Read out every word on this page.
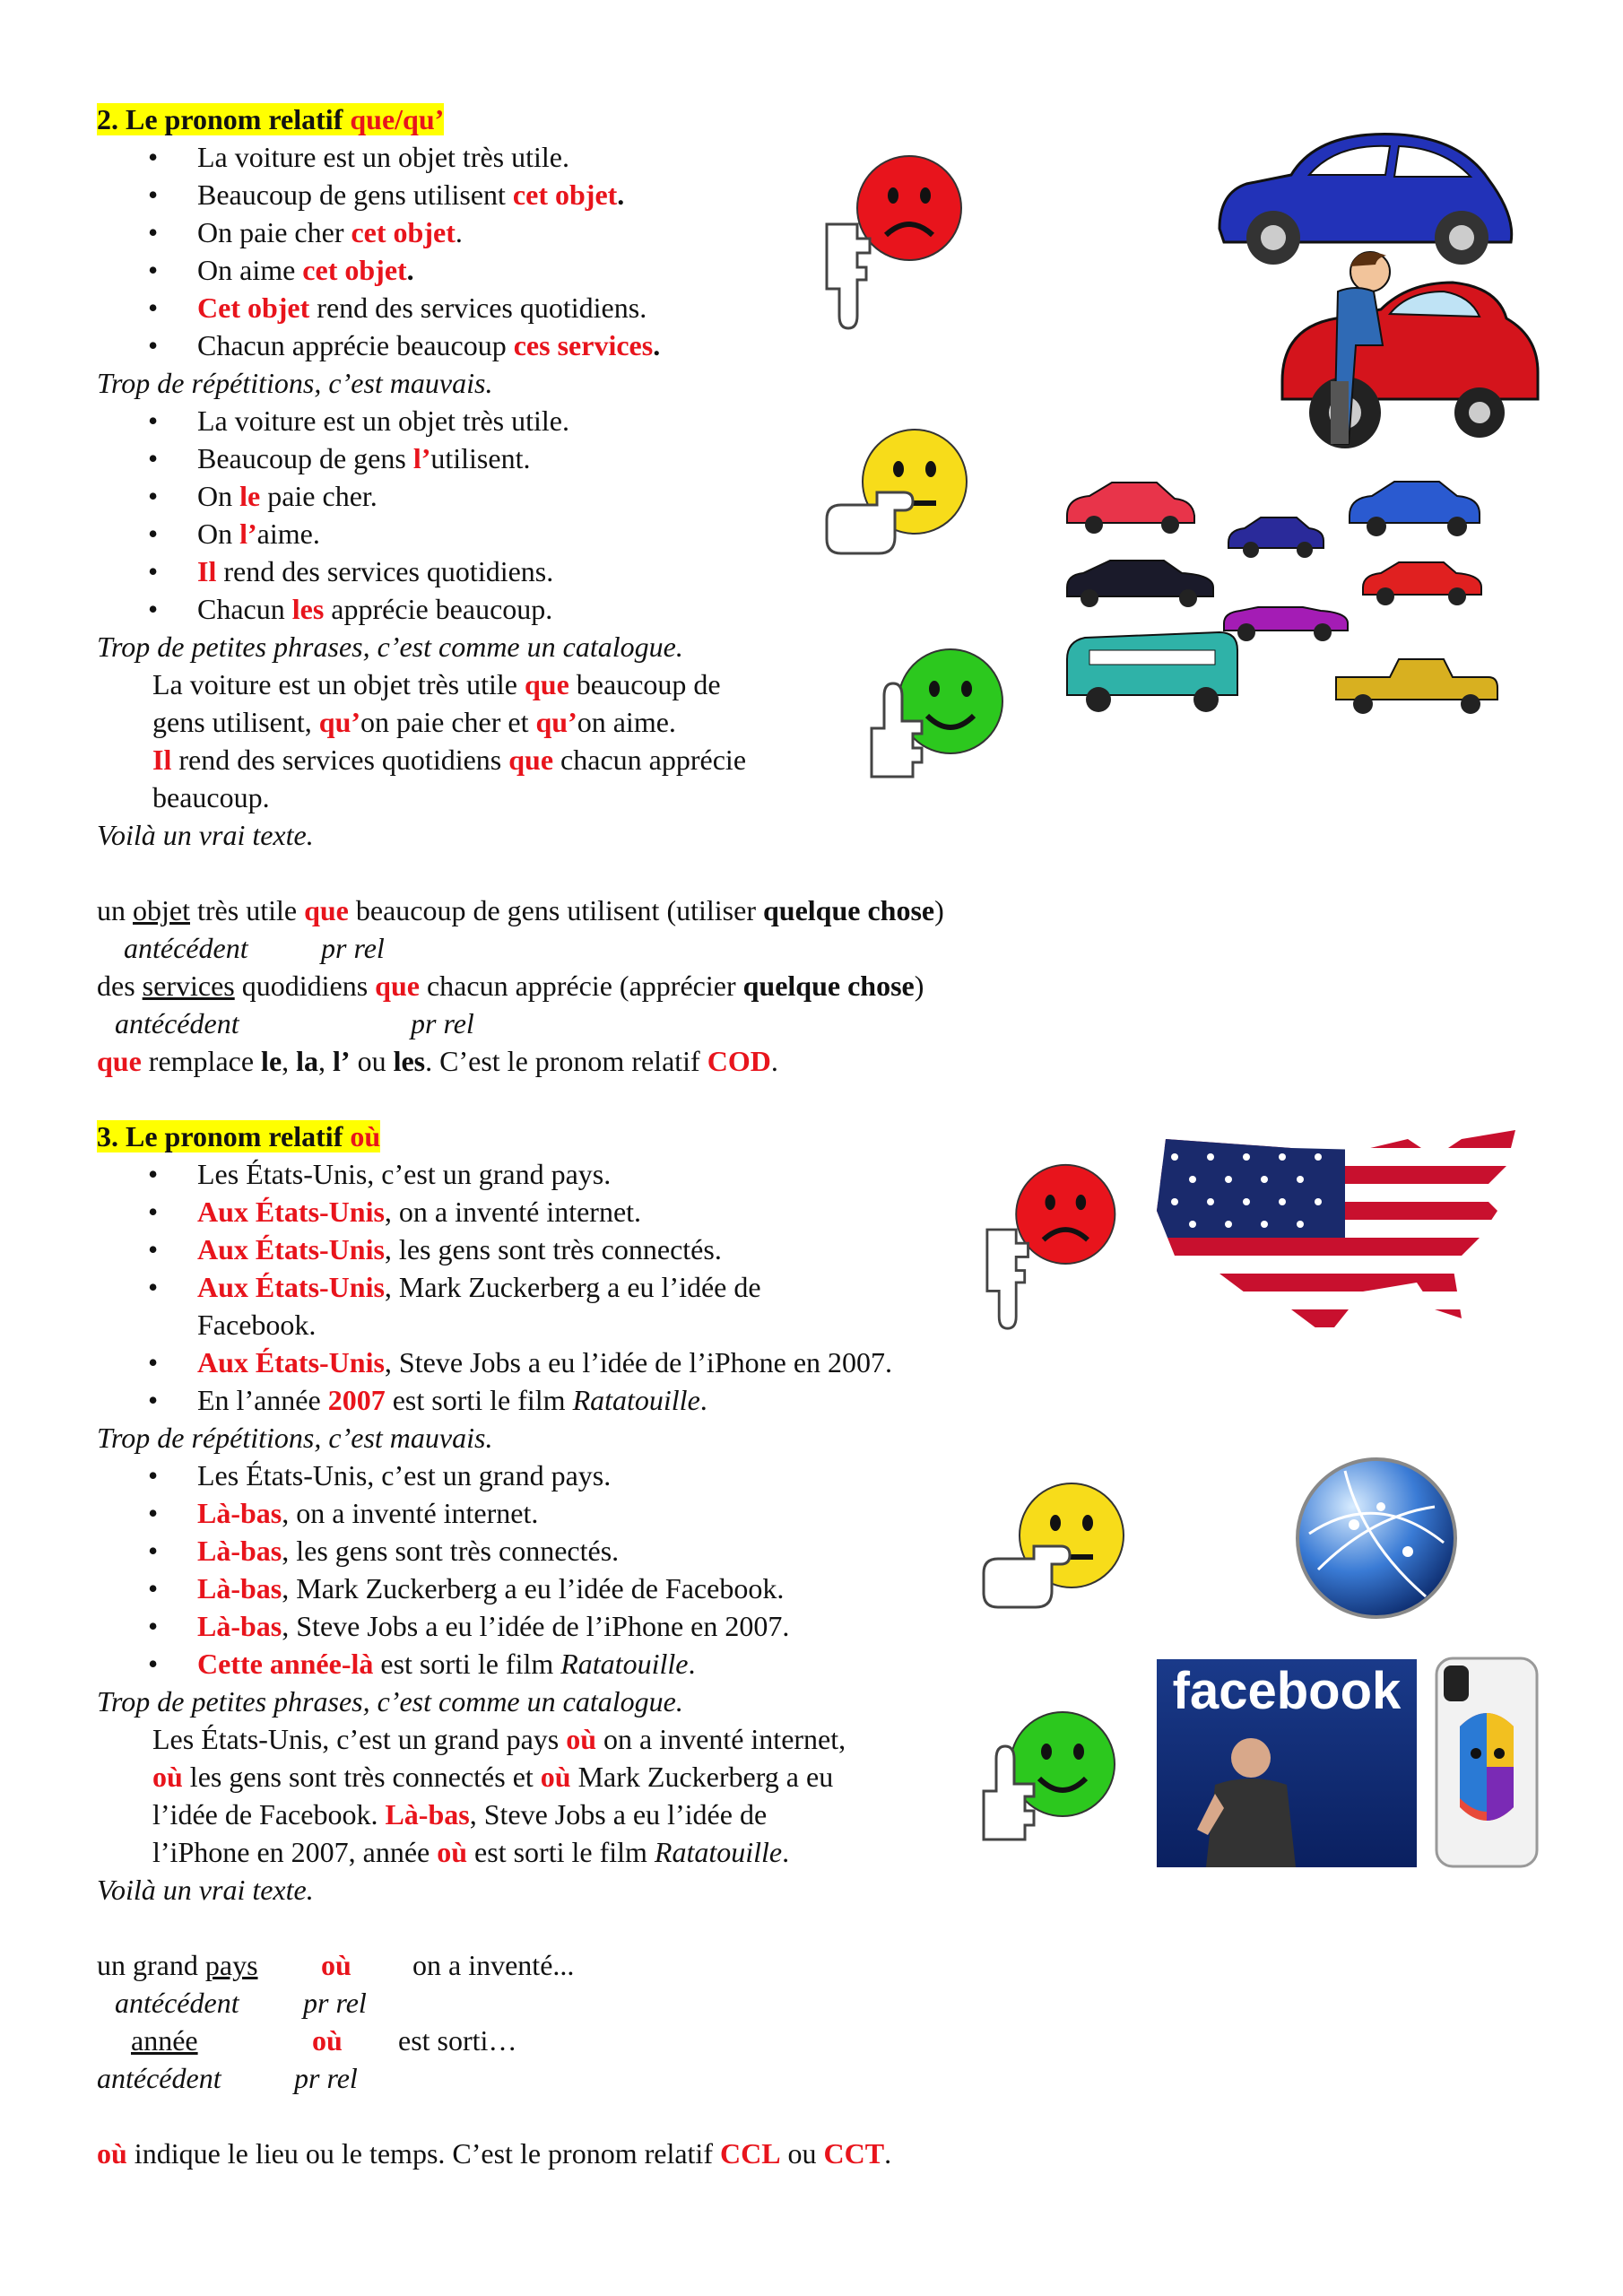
2. Le pronom relatif que/qu’
• La voiture est un objet très utile.
• Beaucoup de gens utilisent cet objet.
• On paie cher cet objet.
• On aime cet objet.
• Cet objet rend des services quotidiens.
• Chacun apprécie beaucoup ces services.
Trop de répétitions, c’est mauvais.
• La voiture est un objet très utile.
• Beaucoup de gens l’utilisent.
• On le paie cher.
• On l’aime.
• Il rend des services quotidiens.
• Chacun les apprécie beaucoup.
Trop de petites phrases, c’est comme un catalogue.
La voiture est un objet très utile que beaucoup de
gens utilisent, qu’on paie cher et qu’on aime.
Il rend des services quotidiens que chacun apprécie
beaucoup.
Voilà un vrai texte.
un objet très utile que beaucoup de gens utilisent (utiliser quelque chose)
antécédent	pr rel
des services quodidiens que chacun apprécie (apprécier quelque chose)
antécédent	pr rel
que remplace le, la, l’ ou les. C’est le pronom relatif COD.
3. Le pronom relatif où
• Les États-Unis, c’est un grand pays.
• Aux États-Unis, on a inventé internet.
• Aux États-Unis, les gens sont très connectés.
• Aux États-Unis, Mark Zuckerberg a eu l’idée de
Facebook.
• Aux États-Unis, Steve Jobs a eu l’idée de l’iPhone en 2007.
• En l’année 2007 est sorti le film Ratatouille.
Trop de répétitions, c’est mauvais.
• Les États-Unis, c’est un grand pays.
• Là-bas, on a inventé internet.
• Là-bas, les gens sont très connectés.
• Là-bas, Mark Zuckerberg a eu l’idée de Facebook.
• Là-bas, Steve Jobs a eu l’idée de l’iPhone en 2007.
• Cette année-là est sorti le film Ratatouille.
Trop de petites phrases, c’est comme un catalogue.
Les États-Unis, c’est un grand pays où on a inventé internet,
où les gens sont très connectés et où Mark Zuckerberg a eu
l’idée de Facebook. Là-bas, Steve Jobs a eu l’idée de
l’iPhone en 2007, année où est sorti le film Ratatouille.
Voilà un vrai texte.
un grand pays où on a inventé...
antécédent pr rel
année	où est sorti…
antécédent	pr rel
où indique le lieu ou le temps. C’est le pronom relatif CCL ou CCT.
facebook
